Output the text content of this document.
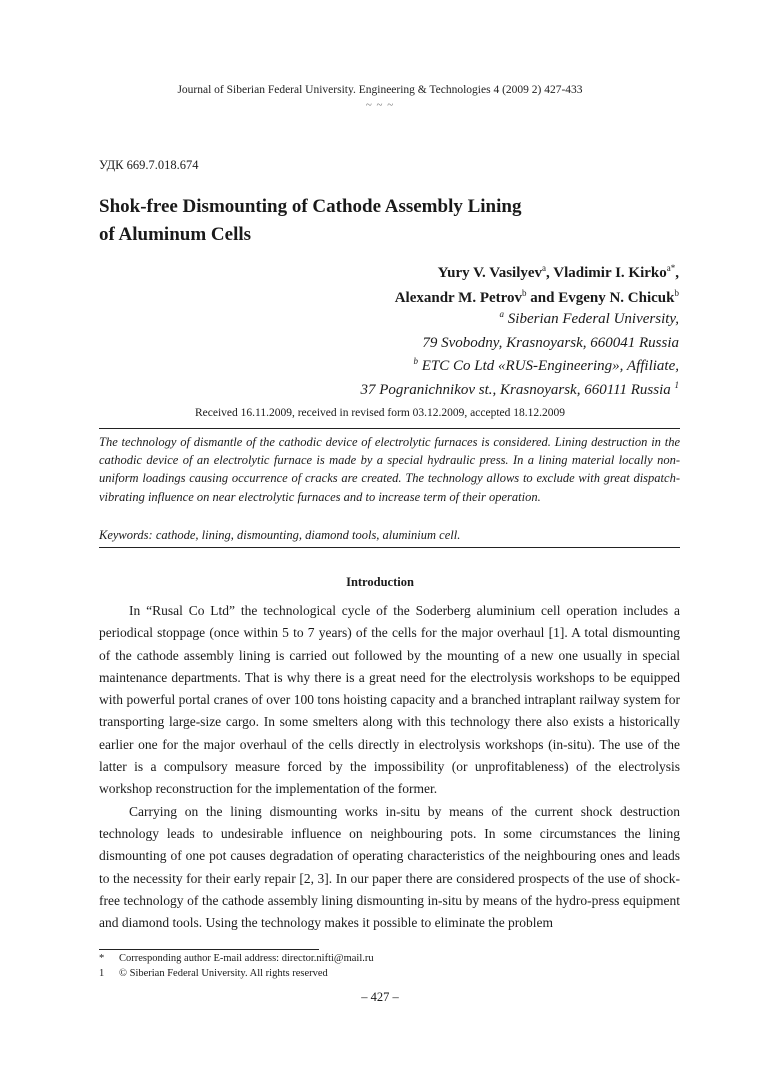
Journal of Siberian Federal University. Engineering & Technologies 4 (2009 2) 427-433
~ ~ ~
УДК 669.7.018.674
Shok-free Dismounting of Cathode Assembly Lining
of Aluminum Cells
Yury V. Vasilyev$^a$, Vladimir I. Kirko$^{a*}$,
Alexandr M. Petrov$^b$ and Evgeny N. Chicuk$^b$
$^a$ Siberian Federal University,
79 Svobodny, Krasnoyarsk, 660041 Russia
$^b$ ETC Co Ltd «RUS-Engineering», Affiliate,
37 Pogranichnikov st., Krasnoyarsk, 660111 Russia $^1$
Received 16.11.2009, received in revised form 03.12.2009, accepted 18.12.2009

The technology of dismantle of the cathodic device of electrolytic furnaces is considered. Lining destruction in the cathodic device of an electrolytic furnace is made by a special hydraulic press. In a lining material locally non-uniform loadings causing occurrence of cracks are created. The technology allows to exclude with great dispatch-vibrating influence on near electrolytic furnaces and to increase term of their operation.

Keywords: cathode, lining, dismounting, diamond tools, aluminium cell.

Introduction

In “Rusal Co Ltd” the technological cycle of the Soderberg aluminium cell operation includes a periodical stoppage (once within 5 to 7 years) of the cells for the major overhaul [1]. A total dismounting of the cathode assembly lining is carried out followed by the mounting of a new one usually in special maintenance departments. That is why there is a great need for the electrolysis workshops to be equipped with powerful portal cranes of over 100 tons hoisting capacity and a branched intraplant railway system for transporting large-size cargo. In some smelters along with this technology there also exists a historically earlier one for the major overhaul of the cells directly in electrolysis workshops (in-situ). The use of the latter is a compulsory measure forced by the impossibility (or unprofitableness) of the electrolysis workshop reconstruction for the implementation of the former.

Carrying on the lining dismounting works in-situ by means of the current shock destruction technology leads to undesirable influence on neighbouring pots. In some circumstances the lining dismounting of one pot causes degradation of operating characteristics of the neighbouring ones and leads to the necessity for their early repair [2, 3]. In our paper there are considered prospects of the use of shock-free technology of the cathode assembly lining dismounting in-situ by means of the hydro-press equipment and diamond tools. Using the technology makes it possible to eliminate the problem

* Corresponding author E-mail address: director.nifti@mail.ru
1 © Siberian Federal University. All rights reserved
– 427 –
